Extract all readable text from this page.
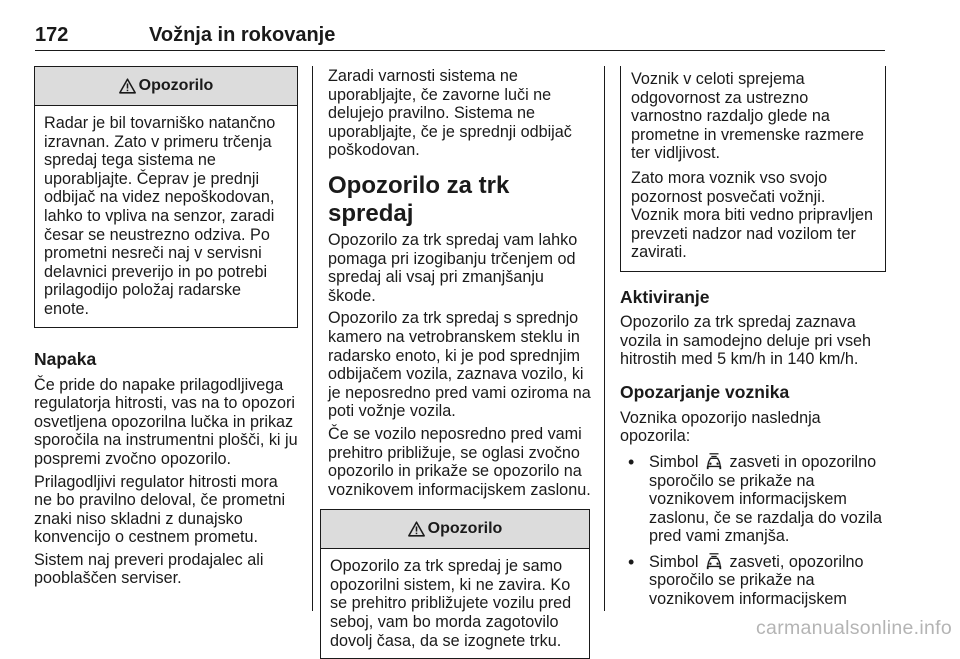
172	Vožnja in rokovanje
Opozorilo
Radar je bil tovarniško natančno izravnan. Zato v primeru trčenja spredaj tega sistema ne uporabljajte. Čeprav je prednji odbijač na videz nepoškodovan, lahko to vpliva na senzor, zaradi česar se neustrezno odziva. Po prometni nesreči naj v servisni delavnici preverijo in po potrebi prilagodijo položaj radarske enote.
Napaka

Če pride do napake prilagodljivega regulatorja hitrosti, vas na to opozori osvetljena opozorilna lučka in prikaz sporočila na instrumentni plošči, ki ju pospremi zvočno opozorilo.

Prilagodljivi regulator hitrosti mora ne bo pravilno deloval, če prometni znaki niso skladni z dunajsko konvencijo o cestnem prometu.

Sistem naj preveri prodajalec ali pooblaščen serviser.

Zaradi varnosti sistema ne uporabljajte, če zavorne luči ne delujejo pravilno. Sistema ne uporabljajte, če je sprednji odbijač poškodovan.

Opozorilo za trk spredaj

Opozorilo za trk spredaj vam lahko pomaga pri izogibanju trčenjem od spredaj ali vsaj pri zmanjšanju škode.

Opozorilo za trk spredaj s sprednjo kamero na vetrobranskem steklu in radarsko enoto, ki je pod sprednjim odbijačem vozila, zaznava vozilo, ki je neposredno pred vami oziroma na poti vožnje vozila.

Če se vozilo neposredno pred vami prehitro približuje, se oglasi zvočno opozorilo in prikaže se opozorilo na voznikovem informacijskem zaslonu.

Opozorilo
Opozorilo za trk spredaj je samo opozorilni sistem, ki ne zavira. Ko se prehitro približujete vozilu pred seboj, vam bo morda zagotovilo dovolj časa, da se izognete trku.

Voznik v celoti sprejema odgovornost za ustrezno varnostno razdaljo glede na prometne in vremenske razmere ter vidljivost.

Zato mora voznik vso svojo pozornost posvečati vožnji. Voznik mora biti vedno pripravljen prevzeti nadzor nad vozilom ter zavirati.

Aktiviranje

Opozorilo za trk spredaj zaznava vozila in samodejno deluje pri vseh hitrostih med 5 km/h in 140 km/h.

Opozarjanje voznika

Voznika opozorijo naslednja opozorila:

• Simbol zasveti in opozorilno sporočilo se prikaže na voznikovem informacijskem zaslonu, če se razdalja do vozila pred vami zmanjša.
• Simbol zasveti, opozorilno sporočilo se prikaže na voznikovem informacijskem
carmanualsonline.info
